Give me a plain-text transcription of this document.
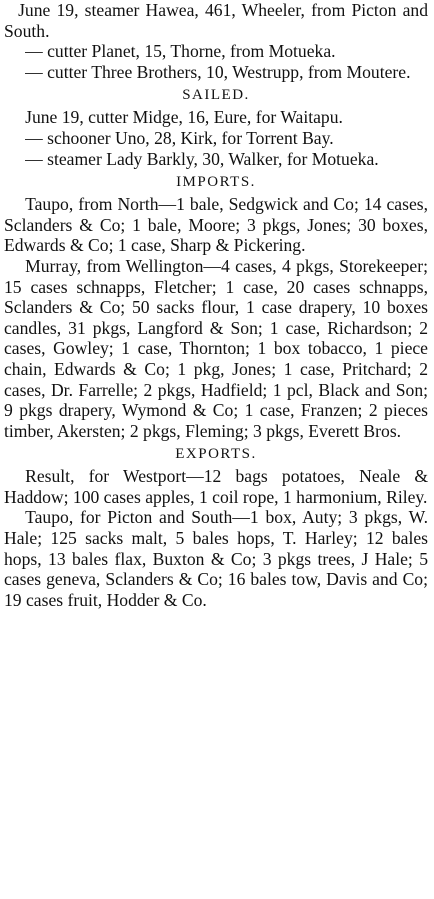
June 19, steamer Hawea, 461, Wheeler, from Picton and South.

— cutter Planet, 15, Thorne, from Motueka.

— cutter Three Brothers, 10, Westrupp, from Moutere.

SAILED.

June 19, cutter Midge, 16, Eure, for Waitapu.

— schooner Uno, 28, Kirk, for Torrent Bay.

— steamer Lady Barkly, 30, Walker, for Motueka.

IMPORTS.

Taupo, from North—1 bale, Sedgwick and Co; 14 cases, Sclanders & Co; 1 bale, Moore; 3 pkgs, Jones; 30 boxes, Edwards & Co; 1 case, Sharp & Pickering.

Murray, from Wellington—4 cases, 4 pkgs, Storekeeper; 15 cases schnapps, Fletcher; 1 case, 20 cases schnapps, Sclanders & Co; 50 sacks flour, 1 case drapery, 10 boxes candles, 31 pkgs, Langford & Son; 1 case, Richardson; 2 cases, Gowley; 1 case, Thornton; 1 box tobacco, 1 piece chain, Edwards & Co; 1 pkg, Jones; 1 case, Pritchard; 2 cases, Dr. Farrelle; 2 pkgs, Hadfield; 1 pcl, Black and Son; 9 pkgs drapery, Wymond & Co; 1 case, Franzen; 2 pieces timber, Akersten; 2 pkgs, Fleming; 3 pkgs, Everett Bros.

EXPORTS.

Result, for Westport—12 bags potatoes, Neale & Haddow; 100 cases apples, 1 coil rope, 1 harmonium, Riley.

Taupo, for Picton and South—1 box, Auty; 3 pkgs, W. Hale; 125 sacks malt, 5 bales hops, T. Harley; 12 bales hops, 13 bales flax, Buxton & Co; 3 pkgs trees, J Hale; 5 cases geneva, Sclanders & Co; 16 bales tow, Davis and Co; 19 cases fruit, Hodder & Co.
